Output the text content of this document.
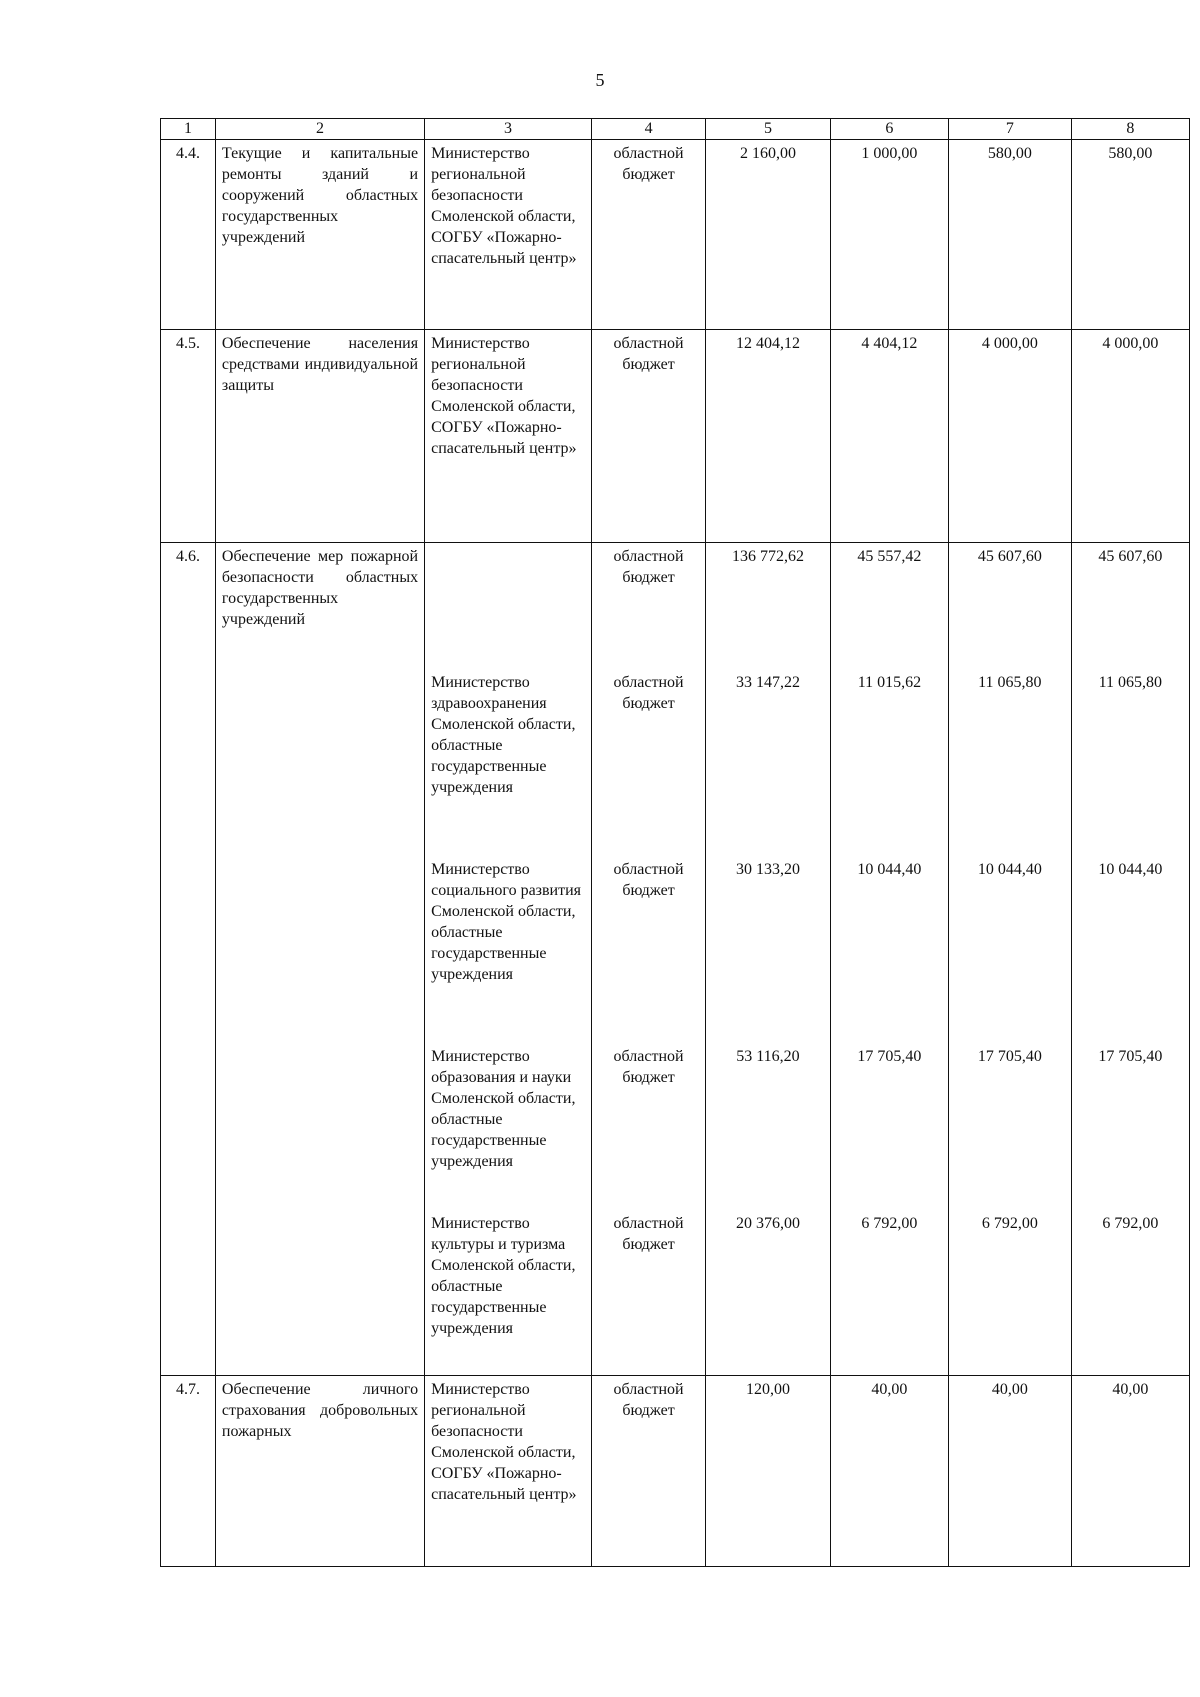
5
1	2	3	4	5	6	7	8
4.4.	Текущие и капитальные ремонты зданий и сооружений областных государственных учреждений	Министерство региональной безопасности Смоленской области, СОГБУ «Пожарно-спасательный центр»	областной бюджет	2 160,00	1 000,00	580,00	580,00
4.5.	Обеспечение населения средствами индивидуальной защиты	Министерство региональной безопасности Смоленской области, СОГБУ «Пожарно-спасательный центр»	областной бюджет	12 404,12	4 404,12	4 000,00	4 000,00
4.6.	Обеспечение мер пожарной безопасности областных государственных учреждений		областной бюджет	136 772,62	45 557,42	45 607,60	45 607,60
		Министерство здравоохранения Смоленской области, областные государственные учреждения	областной бюджет	33 147,22	11 015,62	11 065,80	11 065,80
		Министерство социального развития Смоленской области, областные государственные учреждения	областной бюджет	30 133,20	10 044,40	10 044,40	10 044,40
		Министерство образования и науки Смоленской области, областные государственные учреждения	областной бюджет	53 116,20	17 705,40	17 705,40	17 705,40
		Министерство культуры и туризма Смоленской области, областные государственные учреждения	областной бюджет	20 376,00	6 792,00	6 792,00	6 792,00
4.7.	Обеспечение личного страхования добровольных пожарных	Министерство региональной безопасности Смоленской области, СОГБУ «Пожарно-спасательный центр»	областной бюджет	120,00	40,00	40,00	40,00
